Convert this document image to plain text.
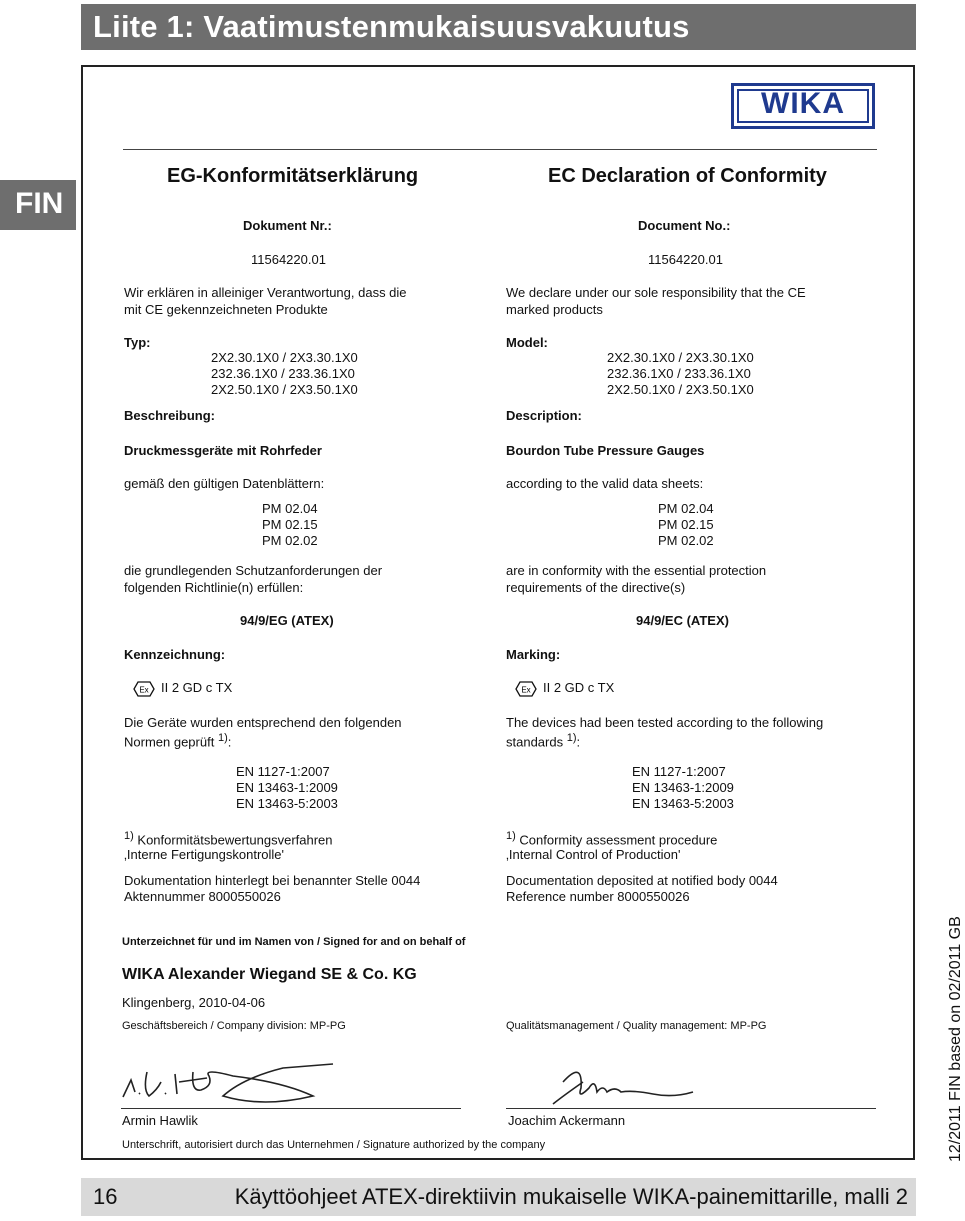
Liite 1: Vaatimustenmukaisuusvakuutus
FIN
WIKA
EG-Konformitätserklärung
Dokument Nr.:
11564220.01
Wir erklären in alleiniger Verantwortung, dass die
mit CE gekennzeichneten Produkte
Typ:
2X2.30.1X0 / 2X3.30.1X0
232.36.1X0 / 233.36.1X0
2X2.50.1X0 / 2X3.50.1X0
Beschreibung:
Druckmessgeräte mit Rohrfeder
gemäß den gültigen Datenblättern:
PM 02.04
PM 02.15
PM 02.02
die grundlegenden Schutzanforderungen der
folgenden Richtlinie(n) erfüllen:
94/9/EG (ATEX)
Kennzeichnung:
Ex II 2 GD c TX
Die Geräte wurden entsprechend den folgenden
Normen geprüft $^{1)}$:
EN 1127-1:2007
EN 13463-1:2009
EN 13463-5:2003
$^{1)}$ Konformitätsbewertungsverfahren
‚Interne Fertigungskontrolle'
Dokumentation hinterlegt bei benannter Stelle 0044
Aktennummer 8000550026
EC Declaration of Conformity
Document No.:
11564220.01
We declare under our sole responsibility that the CE
marked products
Model:
2X2.30.1X0 / 2X3.30.1X0
232.36.1X0 / 233.36.1X0
2X2.50.1X0 / 2X3.50.1X0
Description:
Bourdon Tube Pressure Gauges
according to the valid data sheets:
PM 02.04
PM 02.15
PM 02.02
are in conformity with the essential protection
requirements of the directive(s)
94/9/EC (ATEX)
Marking:
Ex II 2 GD c TX
The devices had been tested according to the following
standards $^{1)}$:
EN 1127-1:2007
EN 13463-1:2009
EN 13463-5:2003
$^{1)}$ Conformity assessment procedure
‚Internal Control of Production'
Documentation deposited at notified body 0044
Reference number 8000550026
Unterzeichnet für und im Namen von / Signed for and on behalf of
WIKA Alexander Wiegand SE & Co. KG
Klingenberg, 2010-04-06
Geschäftsbereich / Company division: MP-PG	Qualitätsmanagement / Quality management: MP-PG
Armin Hawlik	Joachim Ackermann
Unterschrift, autorisiert durch das Unternehmen / Signature authorized by the company	12/2011 FIN based on 02/2011 GB
16	Käyttöohjeet ATEX-direktiivin mukaiselle WIKA-painemittarille, malli 2
